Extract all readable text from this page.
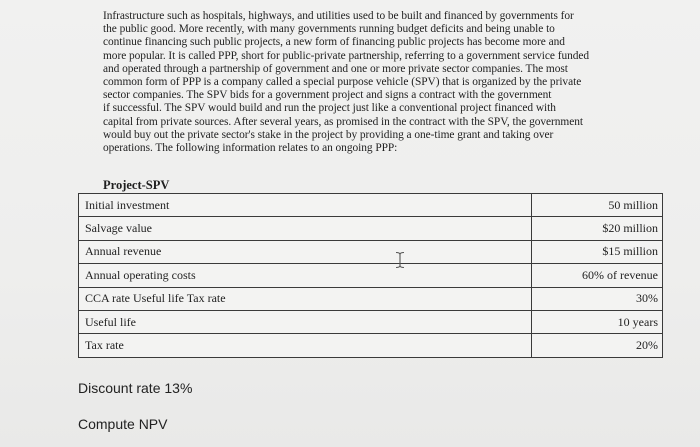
Infrastructure such as hospitals, highways, and utilities used to be built and financed by governments for
the public good. More recently, with many governments running budget deficits and being unable to
continue financing such public projects, a new form of financing public projects has become more and
more popular. It is called PPP, short for public-private partnership, referring to a government service funded
and operated through a partnership of government and one or more private sector companies. The most
common form of PPP is a company called a special purpose vehicle (SPV) that is organized by the private
sector companies. The SPV bids for a government project and signs a contract with the government
if successful. The SPV would build and run the project just like a conventional project financed with
capital from private sources. After several years, as promised in the contract with the SPV, the government
would buy out the private sector's stake in the project by providing a one-time grant and taking over
operations. The following information relates to an ongoing PPP:
Project-SPV
Initial investment	50 million
Salvage value	$20 million
Annual revenue	$15 million
Annual operating costs	60% of revenue
CCA rate Useful life Tax rate	30%
Useful life	10 years
Tax rate	20%
Discount rate 13%
Compute NPV
